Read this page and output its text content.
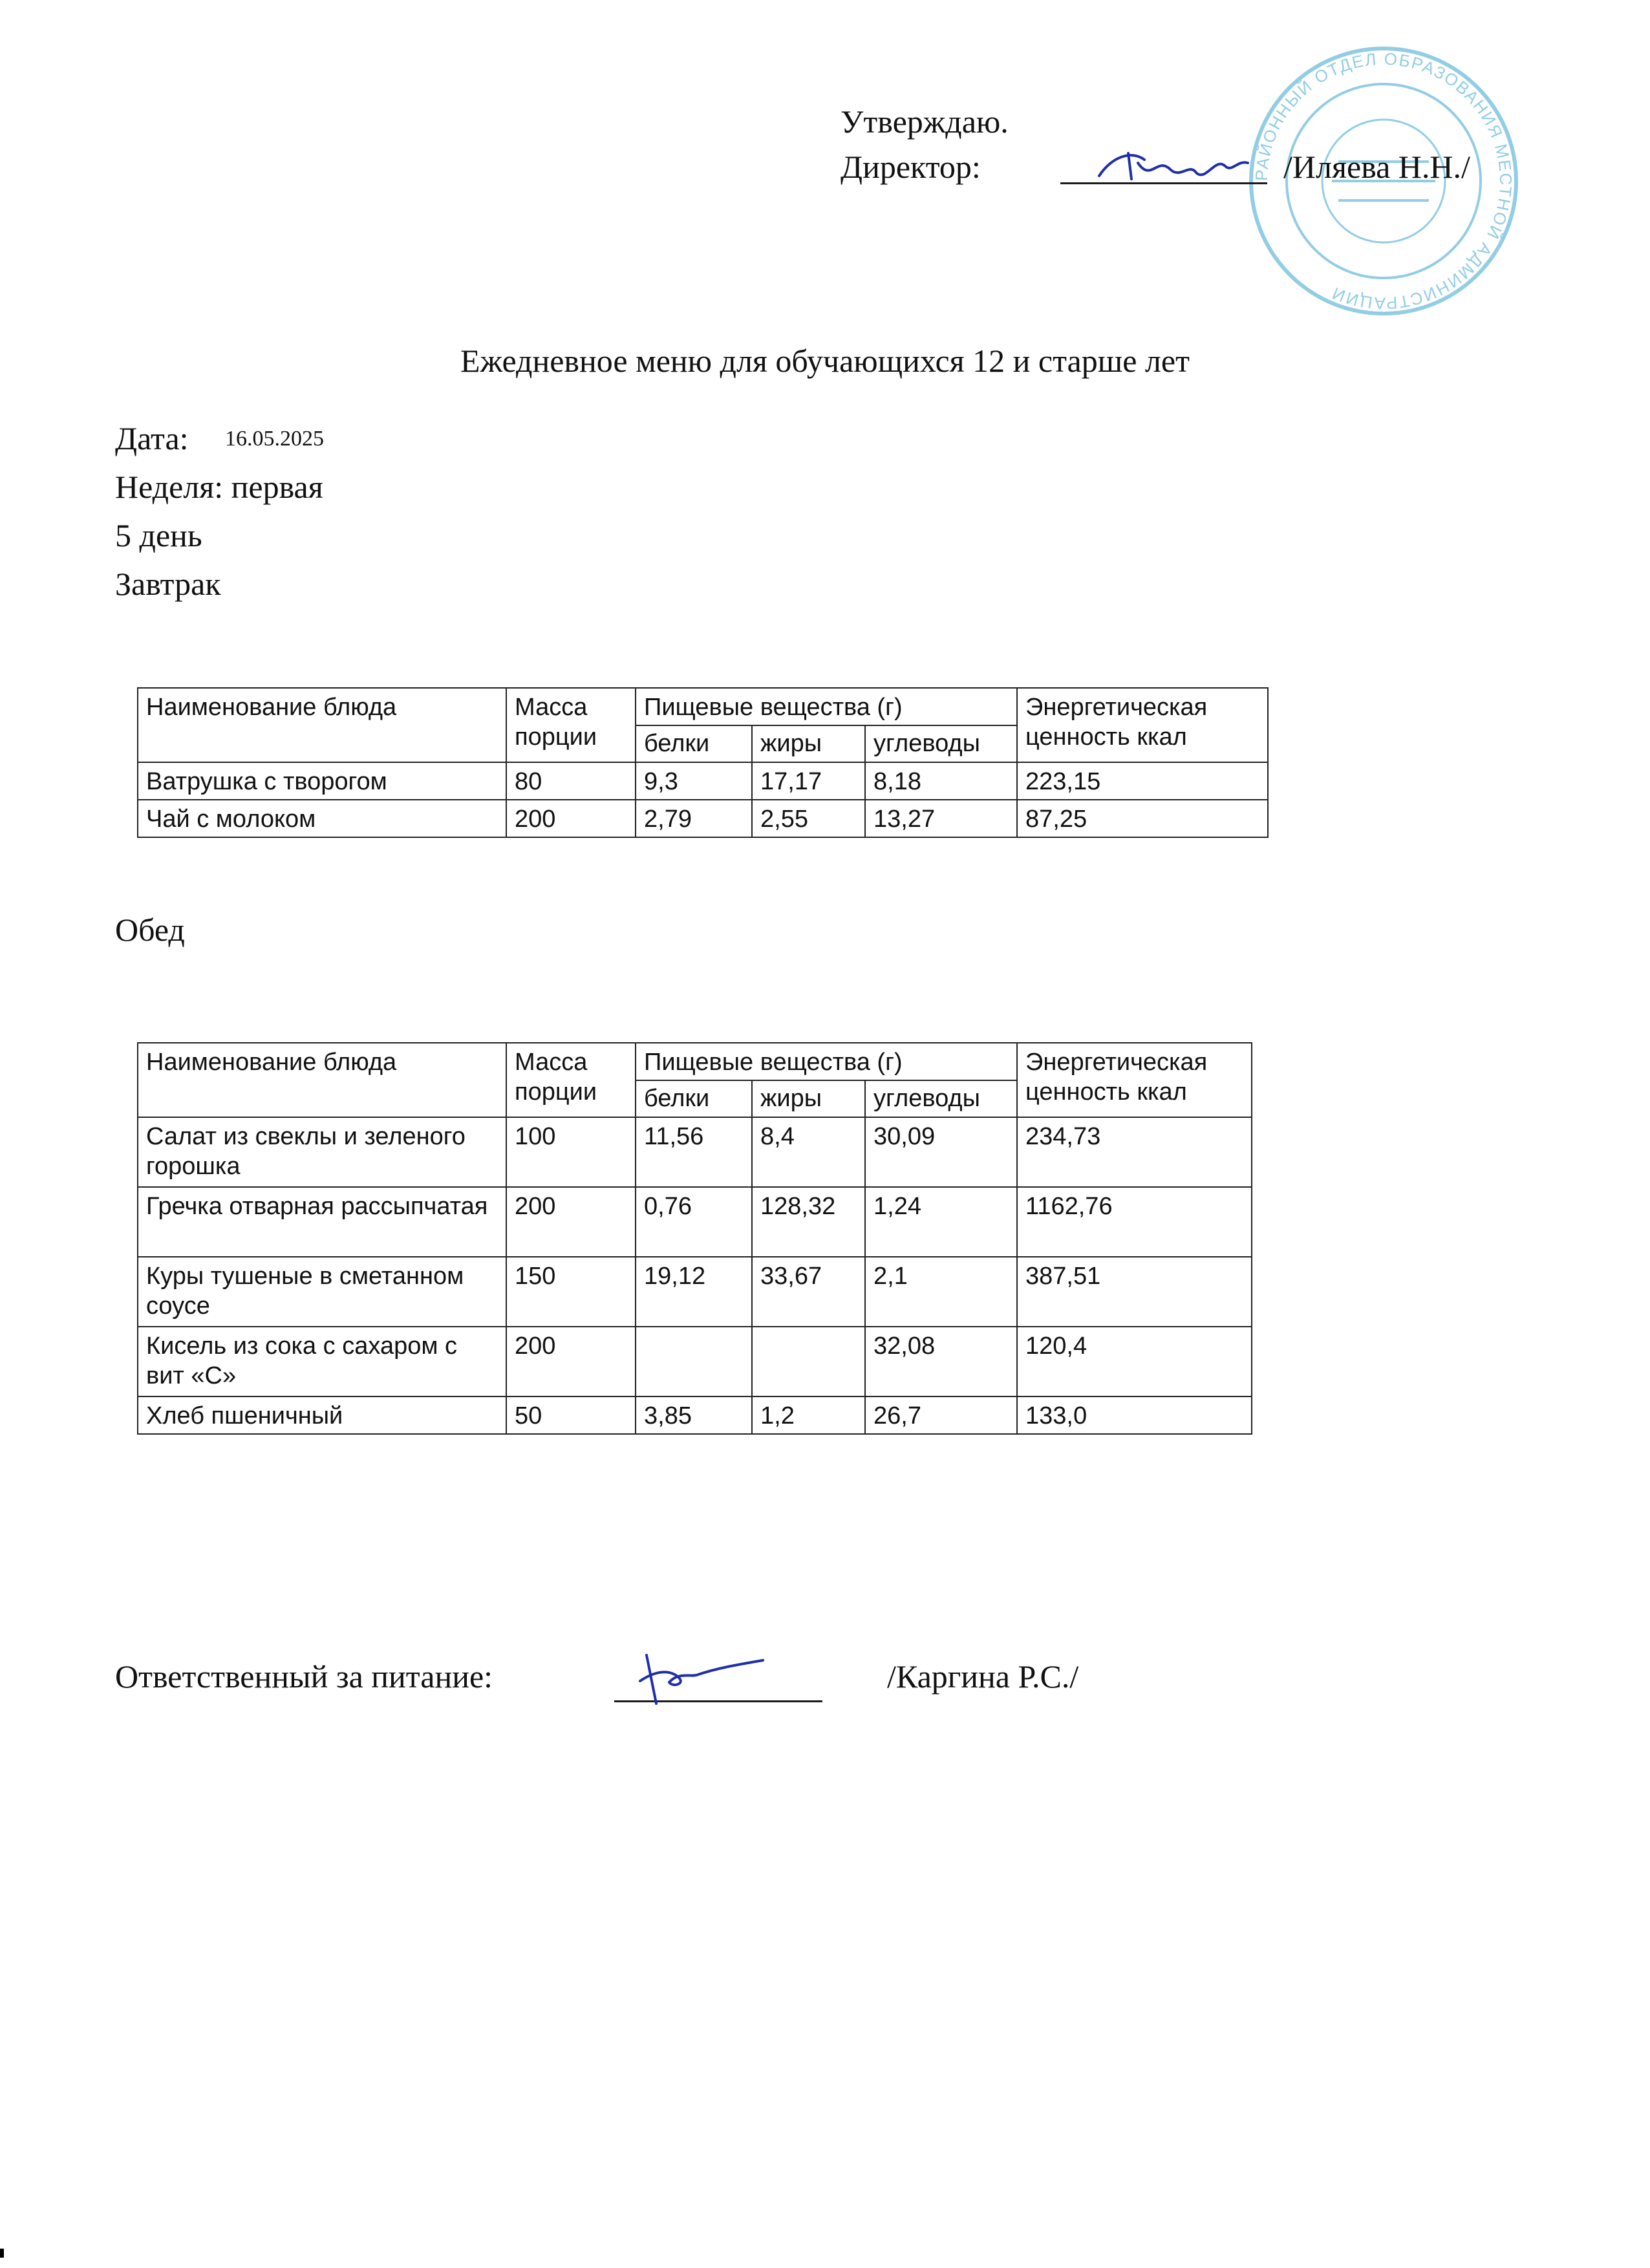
РАЙОННЫЙ ОТДЕЛ ОБРАЗОВАНИЯ МЕСТНОЙ АДМИНИСТРАЦИИ
Утверждаю.
Директор:	/Иляева Н.Н./
Ежедневное меню для обучающихся 12 и старше лет
Дата: 16.05.2025
Неделя: первая
5 день
Завтрак
Наименование блюда	Масса порции	Пищевые вещества (г)			Энергетическая ценность ккал
		белки	жиры	углеводы	
Ватрушка с творогом	80	9,3	17,17	8,18	223,15
Чай с молоком	200	2,79	2,55	13,27	87,25
Обед
Наименование блюда	Масса порции	Пищевые вещества (г)			Энергетическая ценность ккал
		белки	жиры	углеводы	
Салат из свеклы и зеленого горошка	100	11,56	8,4	30,09	234,73
Гречка отварная рассыпчатая	200	0,76	128,32	1,24	1162,76
Куры тушеные в сметанном соусе	150	19,12	33,67	2,1	387,51
Кисель из сока с сахаром с вит «С»	200			32,08	120,4
Хлеб пшеничный	50	3,85	1,2	26,7	133,0
Ответственный за питание:	/Каргина Р.С./
